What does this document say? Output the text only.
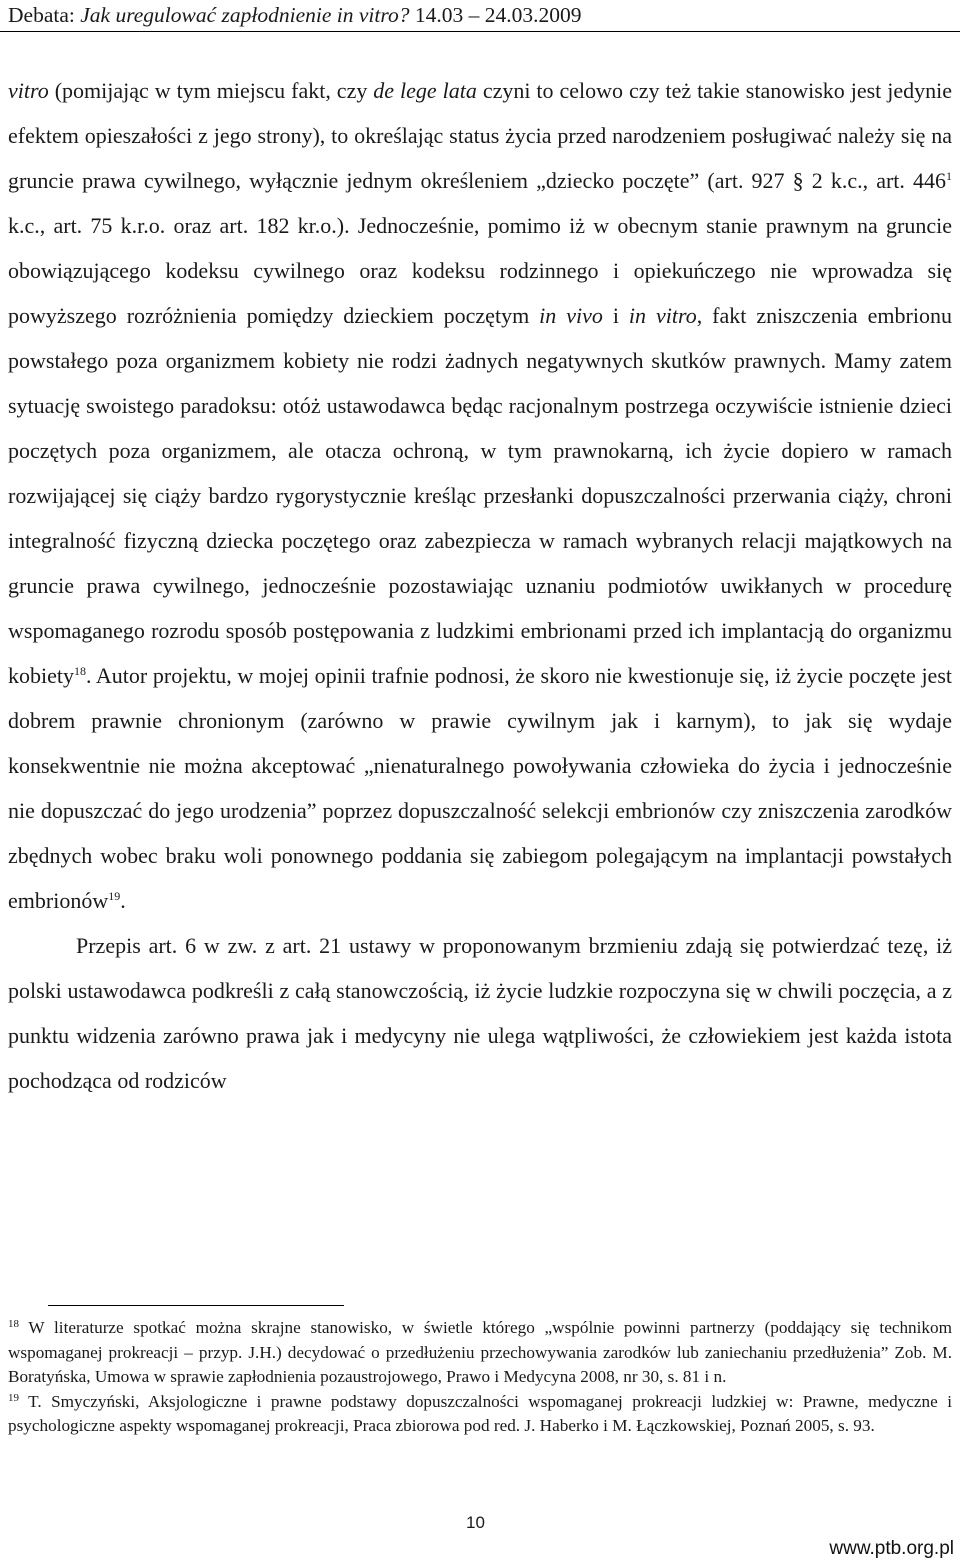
Debata: Jak uregulować zapłodnienie in vitro? 14.03 – 24.03.2009

vitro (pomijając w tym miejscu fakt, czy de lege lata czyni to celowo czy też takie stanowisko jest jedynie efektem opieszałości z jego strony), to określając status życia przed narodzeniem posługiwać należy się na gruncie prawa cywilnego, wyłącznie jednym określeniem „dziecko poczęte” (art. 927 § 2 k.c., art. $446^1$ k.c., art. 75 k.r.o. oraz art. 182 kr.o.). Jednocześnie, pomimo iż w obecnym stanie prawnym na gruncie obowiązującego kodeksu cywilnego oraz kodeksu rodzinnego i opiekuńczego nie wprowadza się powyższego rozróżnienia pomiędzy dzieckiem poczętym in vivo i in vitro, fakt zniszczenia embrionu powstałego poza organizmem kobiety nie rodzi żadnych negatywnych skutków prawnych. Mamy zatem sytuację swoistego paradoksu: otóż ustawodawca będąc racjonalnym postrzega oczywiście istnienie dzieci poczętych poza organizmem, ale otacza ochroną, w tym prawnokarną, ich życie dopiero w ramach rozwijającej się ciąży bardzo rygorystycznie kreśląc przesłanki dopuszczalności przerwania ciąży, chroni integralność fizyczną dziecka poczętego oraz zabezpiecza w ramach wybranych relacji majątkowych na gruncie prawa cywilnego, jednocześnie pozostawiając uznaniu podmiotów uwikłanych w procedurę wspomaganego rozrodu sposób postępowania z ludzkimi embrionami przed ich implantacją do organizmu kobiety$^{18}$. Autor projektu, w mojej opinii trafnie podnosi, że skoro nie kwestionuje się, iż życie poczęte jest dobrem prawnie chronionym (zarówno w prawie cywilnym jak i karnym), to jak się wydaje konsekwentnie nie można akceptować „nienaturalnego powoływania człowieka do życia i jednocześnie nie dopuszczać do jego urodzenia” poprzez dopuszczalność selekcji embrionów czy zniszczenia zarodków zbędnych wobec braku woli ponownego poddania się zabiegom polegającym na implantacji powstałych embrionów$^{19}$.

Przepis art. 6 w zw. z art. 21 ustawy w proponowanym brzmieniu zdają się potwierdzać tezę, iż polski ustawodawca podkreśli z całą stanowczością, iż życie ludzkie rozpoczyna się w chwili poczęcia, a z punktu widzenia zarówno prawa jak i medycyny nie ulega wątpliwości, że człowiekiem jest każda istota pochodząca od rodziców

$^{18}$ W literaturze spotkać można skrajne stanowisko, w świetle którego „wspólnie powinni partnerzy (poddający się technikom wspomaganej prokreacji – przyp. J.H.) decydować o przedłużeniu przechowywania zarodków lub zaniechaniu przedłużenia” Zob. M. Boratyńska, Umowa w sprawie zapłodnienia pozaustrojowego, Prawo i Medycyna 2008, nr 30, s. 81 i n.

$^{19}$ T. Smyczyński, Aksjologiczne i prawne podstawy dopuszczalności wspomaganej prokreacji ludzkiej w: Prawne, medyczne i psychologiczne aspekty wspomaganej prokreacji, Praca zbiorowa pod red. J. Haberko i M. Łączkowskiej, Poznań 2005, s. 93.

10
www.ptb.org.pl
